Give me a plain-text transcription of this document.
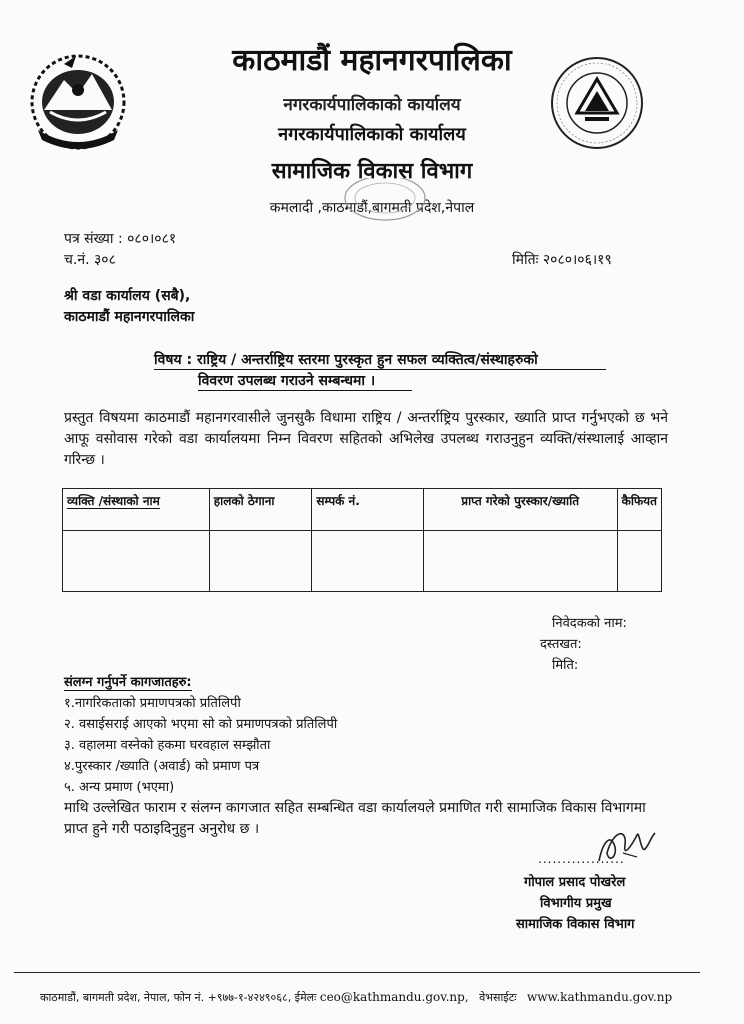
काठमाडौं महानगरपालिका
नगरकार्यपालिकाको कार्यालय
नगरकार्यपालिकाको कार्यालय
सामाजिक विकास विभाग
कमलादी ,काठमाडौं,बागमती प्रदेश,नेपाल
पत्र संख्या : ०८०।०८१
च.नं. ३०८	मितिः २०८०।०६।१९
श्री वडा कार्यालय (सबै),
काठमाडौं महानगरपालिका
विषय : राष्ट्रिय / अन्तर्राष्ट्रिय स्तरमा पुरस्कृत हुन सफल व्यक्तित्व/संस्थाहरुको
विवरण उपलब्ध गराउने सम्बन्धमा ।
प्रस्तुत विषयमा काठमाडौं महानगरवासीले जुनसुकै विधामा राष्ट्रिय / अन्तर्राष्ट्रिय पुरस्कार, ख्याति प्राप्त गर्नुभएको छ भने आफू वसोवास गरेको वडा कार्यालयमा निम्न विवरण सहितको अभिलेख उपलब्ध गराउनुहुन व्यक्ति/संस्थालाई आव्हान गरिन्छ ।
व्यक्ति /संस्थाको नाम	हालको ठेगाना	सम्पर्क नं.	प्राप्त गरेको पुरस्कार/ख्याति	कैफियत

निवेदकको नाम:
दस्तखत:
मिति:
संलग्न गर्नुपर्ने कागजातहरु:
१.नागरिकताको प्रमाणपत्रको प्रतिलिपी
२. वसाईसराई आएको भएमा सो को प्रमाणपत्रको प्रतिलिपी
३. वहालमा वस्नेको हकमा घरवहाल सम्झौता
४.पुरस्कार /ख्याति (अवार्ड) को प्रमाण पत्र
५. अन्य प्रमाण (भएमा)
माथि उल्लेखित फाराम र संलग्न कागजात सहित सम्बन्धित वडा कार्यालयले प्रमाणित गरी सामाजिक विकास विभागमा प्राप्त हुने गरी पठाइदिनुहुन अनुरोध छ ।
..................
गोपाल प्रसाद पोखरेल
विभागीय प्रमुख
सामाजिक विकास विभाग
काठमाडौं, बागमती प्रदेश, नेपाल, फोन नं. +९७७-१-४२४९०६८, ईमेलः ceo@kathmandu.gov.np, वेभसाईटः www.kathmandu.gov.np
